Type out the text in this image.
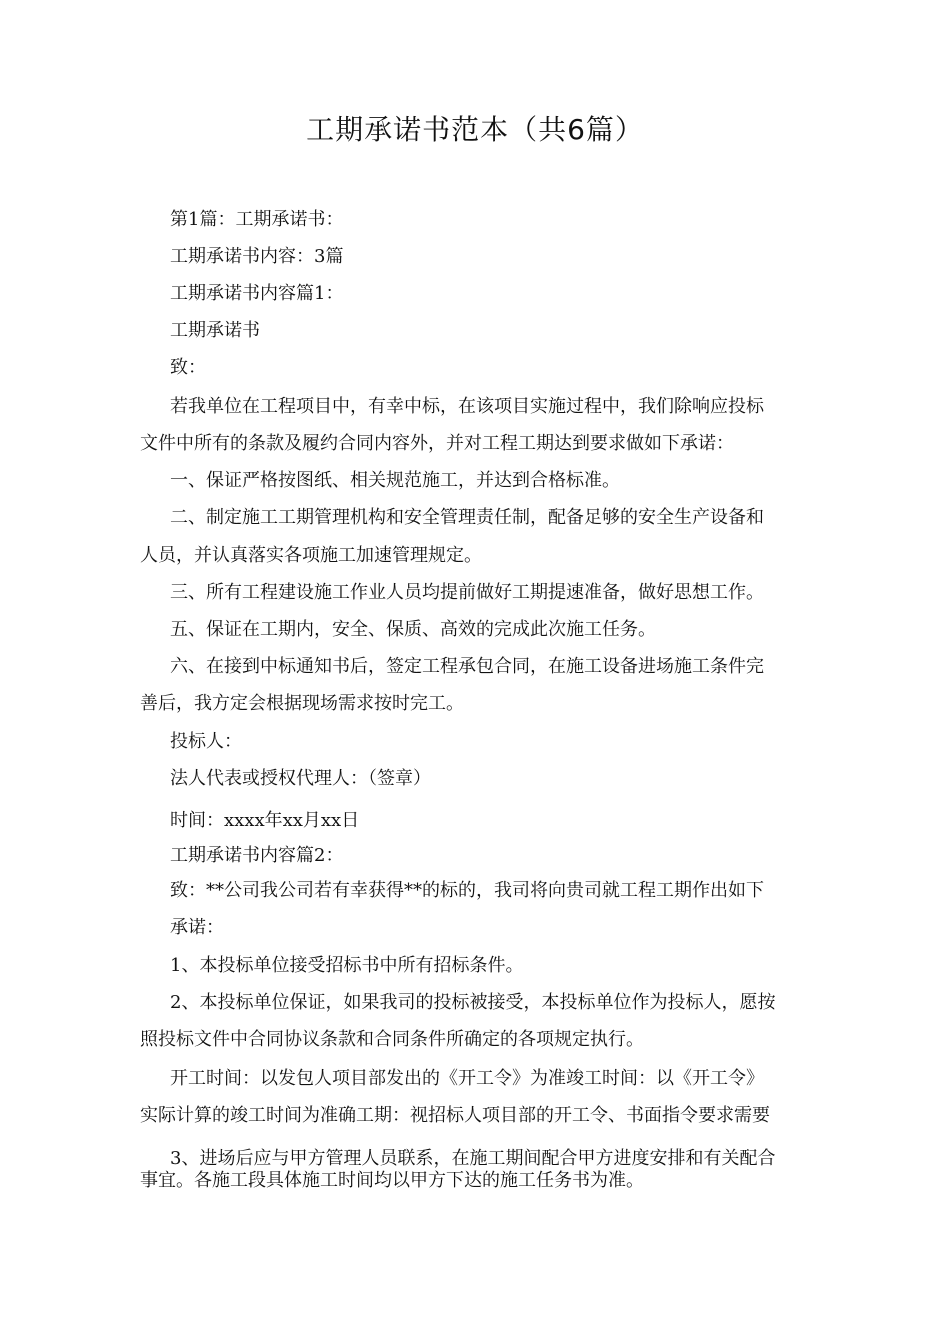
工期承诺书范本（共6篇）

第1篇：工期承诺书：

工期承诺书内容：3篇

工期承诺书内容篇1：

工期承诺书

致：

若我单位在工程项目中，有幸中标，在该项目实施过程中，我们除响应投标

文件中所有的条款及履约合同内容外，并对工程工期达到要求做如下承诺：

一、保证严格按图纸、相关规范施工，并达到合格标准。

二、制定施工工期管理机构和安全管理责任制，配备足够的安全生产设备和

人员，并认真落实各项施工加速管理规定。

三、所有工程建设施工作业人员均提前做好工期提速准备，做好思想工作。

五、保证在工期内，安全、保质、高效的完成此次施工任务。

六、在接到中标通知书后，签定工程承包合同，在施工设备进场施工条件完

善后，我方定会根据现场需求按时完工。

投标人：

法人代表或授权代理人：（签章）

时间：xxxx年xx月xx日

工期承诺书内容篇2：

致：**公司我公司若有幸获得**的标的，我司将向贵司就工程工期作出如下

承诺：

1、本投标单位接受招标书中所有招标条件。

2、本投标单位保证，如果我司的投标被接受，本投标单位作为投标人，愿按

照投标文件中合同协议条款和合同条件所确定的各项规定执行。

开工时间：以发包人项目部发出的《开工令》为准竣工时间：以《开工令》

实际计算的竣工时间为准确工期：视招标人项目部的开工令、书面指令要求需要

3、进场后应与甲方管理人员联系，在施工期间配合甲方进度安排和有关配合

事宜。各施工段具体施工时间均以甲方下达的施工任务书为准。
